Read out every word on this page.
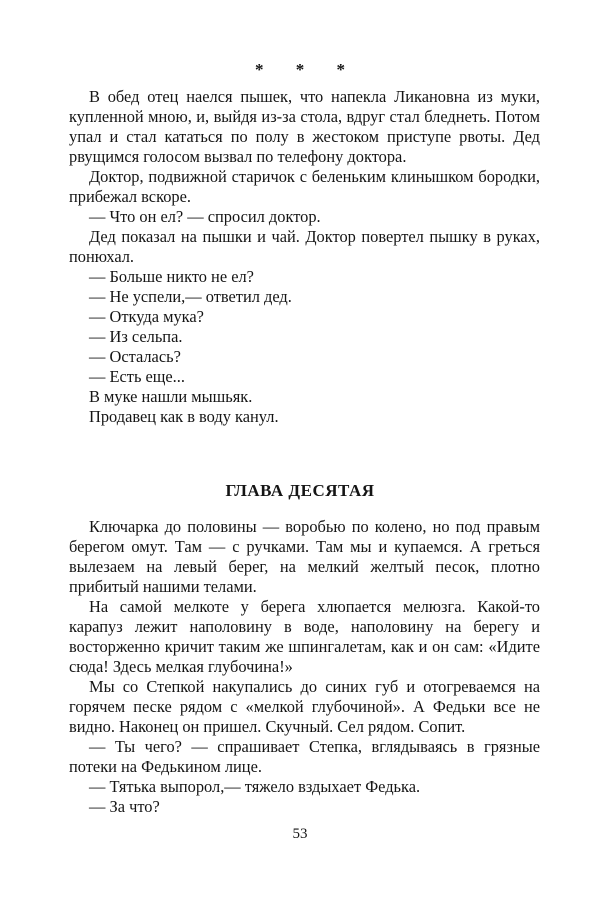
* * *

В обед отец наелся пышек, что напекла Ликановна из муки, купленной мною, и, выйдя из-за стола, вдруг стал бледнеть. Потом упал и стал кататься по полу в жестоком приступе рвоты. Дед рвущимся голосом вызвал по телефону доктора.

Доктор, подвижной старичок с беленьким клинышком бородки, прибежал вскоре.

— Что он ел? — спросил доктор.

Дед показал на пышки и чай. Доктор повертел пышку в руках, понюхал.

— Больше никто не ел?

— Не успели,— ответил дед.

— Откуда мука?

— Из сельпа.

— Осталась?

— Есть еще...

В муке нашли мышьяк.

Продавец как в воду канул.

ГЛАВА ДЕСЯТАЯ

Ключарка до половины — воробью по колено, но под правым берегом омут. Там — с ручками. Там мы и купаемся. А греться вылезаем на левый берег, на мелкий желтый песок, плотно прибитый нашими телами.

На самой мелкоте у берега хлюпается мелюзга. Какой-то карапуз лежит наполовину в воде, наполовину на берегу и восторженно кричит таким же шпингалетам, как и он сам: «Идите сюда! Здесь мелкая глубочина!»

Мы со Степкой накупались до синих губ и отогреваемся на горячем песке рядом с «мелкой глубочиной». А Федьки все не видно. Наконец он пришел. Скучный. Сел рядом. Сопит.

— Ты чего? — спрашивает Степка, вглядываясь в грязные потеки на Федькином лице.

— Тятька выпорол,— тяжело вздыхает Федька.

— За что?

53
